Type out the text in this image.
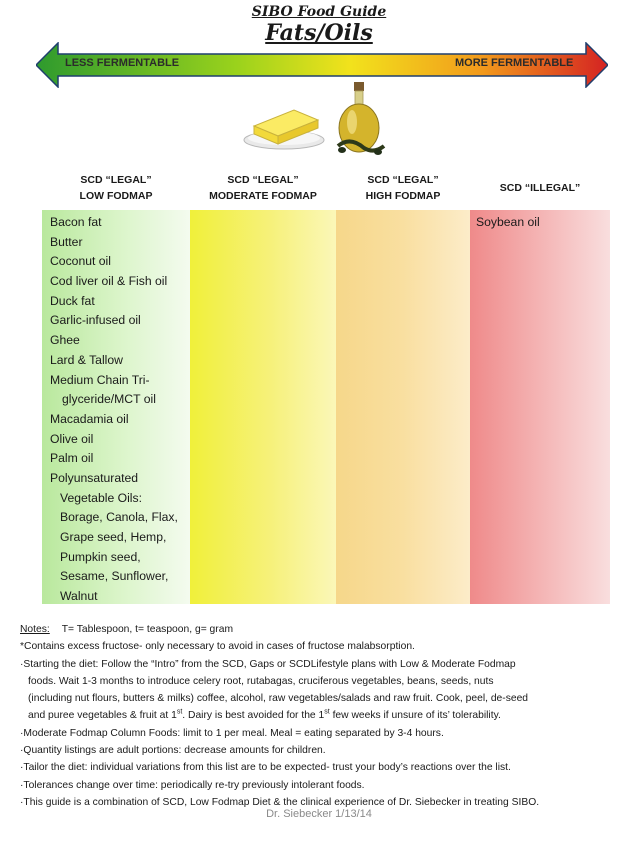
SIBO Food Guide
Fats/Oils
LESS FERMENTABLE	MORE FERMENTABLE
SCD “LEGAL”
LOW FODMAP
SCD “LEGAL”
MODERATE FODMAP
SCD “LEGAL”
HIGH FODMAP
SCD “ILLEGAL”
Bacon fat
Butter
Coconut oil
Cod liver oil & Fish oil
Duck fat
Garlic-infused oil
Ghee
Lard & Tallow
Medium Chain Tri-
glyceride/MCT oil
Macadamia oil
Olive oil
Palm oil
Polyunsaturated
Vegetable Oils:
Borage, Canola, Flax,
Grape seed, Hemp,
Pumpkin seed,
Sesame, Sunflower,
Walnut
Soybean oil

Notes: T= Tablespoon, t= teaspoon, g= gram

*Contains excess fructose- only necessary to avoid in cases of fructose malabsorption.

·Starting the diet: Follow the “Intro” from the SCD, Gaps or SCDLifestyle plans with Low & Moderate Fodmap

foods. Wait 1-3 months to introduce celery root, rutabagas, cruciferous vegetables, beans, seeds, nuts

(including nut flours, butters & milks) coffee, alcohol, raw vegetables/salads and raw fruit. Cook, peel, de-seed

and puree vegetables & fruit at 1st. Dairy is best avoided for the 1st few weeks if unsure of its’ tolerability.

·Moderate Fodmap Column Foods: limit to 1 per meal. Meal = eating separated by 3-4 hours.

·Quantity listings are adult portions: decrease amounts for children.

·Tailor the diet: individual variations from this list are to be expected- trust your body’s reactions over the list.

·Tolerances change over time: periodically re-try previously intolerant foods.

·This guide is a combination of SCD, Low Fodmap Diet & the clinical experience of Dr. Siebecker in treating SIBO.

Dr. Siebecker 1/13/14
